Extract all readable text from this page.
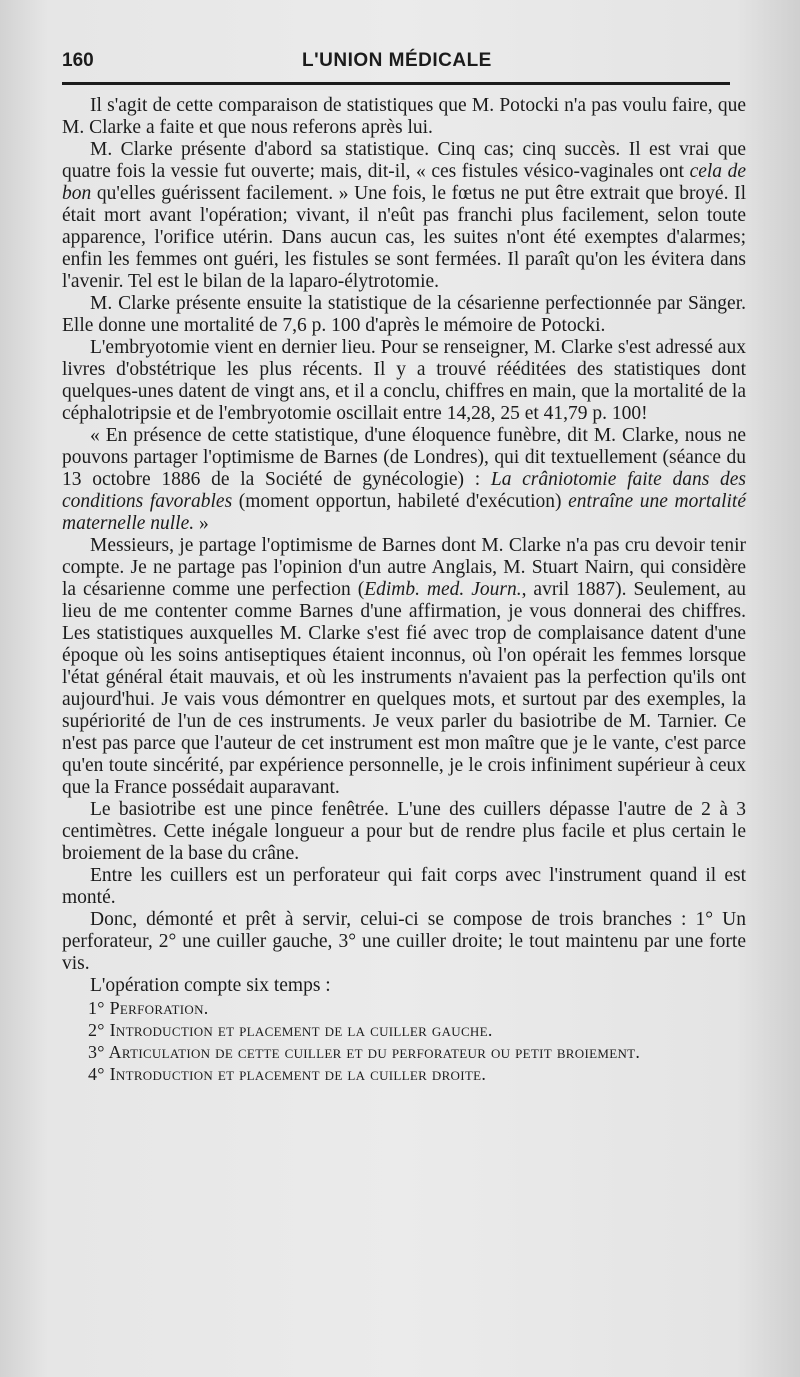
160	L'UNION MÉDICALE

Il s'agit de cette comparaison de statistiques que M. Potocki n'a pas voulu faire, que M. Clarke a faite et que nous referons après lui.

M. Clarke présente d'abord sa statistique. Cinq cas; cinq succès. Il est vrai que quatre fois la vessie fut ouverte; mais, dit-il, « ces fistules vésico-vaginales ont cela de bon qu'elles guérissent facilement. » Une fois, le fœtus ne put être extrait que broyé. Il était mort avant l'opération; vivant, il n'eût pas franchi plus facilement, selon toute apparence, l'orifice utérin. Dans aucun cas, les suites n'ont été exemptes d'alarmes; enfin les femmes ont guéri, les fistules se sont fermées. Il paraît qu'on les évitera dans l'avenir. Tel est le bilan de la laparo-élytrotomie.

M. Clarke présente ensuite la statistique de la césarienne perfectionnée par Sänger. Elle donne une mortalité de 7,6 p. 100 d'après le mémoire de Potocki.

L'embryotomie vient en dernier lieu. Pour se renseigner, M. Clarke s'est adressé aux livres d'obstétrique les plus récents. Il y a trouvé rééditées des statistiques dont quelques-unes datent de vingt ans, et il a conclu, chiffres en main, que la mortalité de la céphalotripsie et de l'embryotomie oscillait entre 14,28, 25 et 41,79 p. 100!

« En présence de cette statistique, d'une éloquence funèbre, dit M. Clarke, nous ne pouvons partager l'optimisme de Barnes (de Londres), qui dit textuellement (séance du 13 octobre 1886 de la Société de gynécologie) : La crâniotomie faite dans des conditions favorables (moment opportun, habileté d'exécution) entraîne une mortalité maternelle nulle. »

Messieurs, je partage l'optimisme de Barnes dont M. Clarke n'a pas cru devoir tenir compte. Je ne partage pas l'opinion d'un autre Anglais, M. Stuart Nairn, qui considère la césarienne comme une perfection (Edimb. med. Journ., avril 1887). Seulement, au lieu de me contenter comme Barnes d'une affirmation, je vous donnerai des chiffres. Les statistiques auxquelles M. Clarke s'est fié avec trop de complaisance datent d'une époque où les soins antiseptiques étaient inconnus, où l'on opérait les femmes lorsque l'état général était mauvais, et où les instruments n'avaient pas la perfection qu'ils ont aujourd'hui. Je vais vous démontrer en quelques mots, et surtout par des exemples, la supériorité de l'un de ces instruments. Je veux parler du basiotribe de M. Tarnier. Ce n'est pas parce que l'auteur de cet instrument est mon maître que je le vante, c'est parce qu'en toute sincérité, par expérience personnelle, je le crois infiniment supérieur à ceux que la France possédait auparavant.

Le basiotribe est une pince fenêtrée. L'une des cuillers dépasse l'autre de 2 à 3 centimètres. Cette inégale longueur a pour but de rendre plus facile et plus certain le broiement de la base du crâne.

Entre les cuillers est un perforateur qui fait corps avec l'instrument quand il est monté.

Donc, démonté et prêt à servir, celui-ci se compose de trois branches : 1° Un perforateur, 2° une cuiller gauche, 3° une cuiller droite; le tout maintenu par une forte vis.

L'opération compte six temps :

1° Perforation.
2° Introduction et placement de la cuiller gauche.
3° Articulation de cette cuiller et du perforateur ou petit broiement.
4° Introduction et placement de la cuiller droite.
